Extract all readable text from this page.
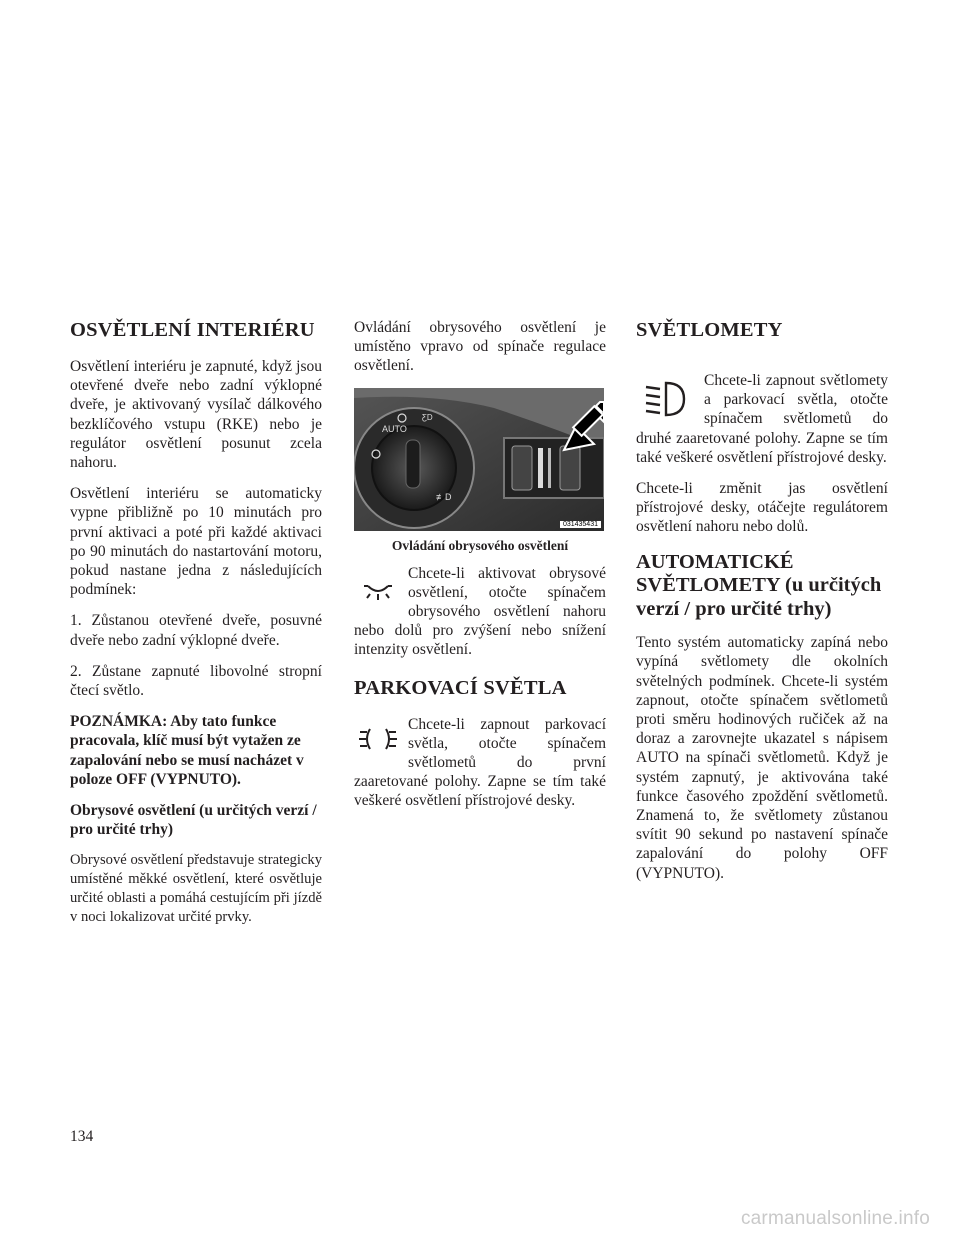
OSVĚTLENÍ INTERIÉRU

Osvětlení interiéru je zapnuté, když jsou otevřené dveře nebo zadní výklopné dveře, je aktivovaný vysílač dálkového bezklíčového vstupu (RKE) nebo je regulátor osvětlení posunut zcela nahoru.

Osvětlení interiéru se automaticky vypne přibližně po 10 minutách pro první aktivaci a poté při každé aktivaci po 90 minutách do nastartování motoru, pokud nastane jedna z následujících podmínek:

1. Zůstanou otevřené dveře, posuvné dveře nebo zadní výklopné dveře.

2. Zůstane zapnuté libovolné stropní čtecí světlo.

POZNÁMKA: Aby tato funkce pracovala, klíč musí být vytažen ze zapalování nebo se musí nacházet v poloze OFF (VYPNUTO).
Obrysové osvětlení (u určitých verzí / pro určité trhy)

Obrysové osvětlení představuje strategicky umístěné měkké osvětlení, které osvětluje určité oblasti a pomáhá cestujícím při jízdě v noci lokalizovat určité prvky.

Ovládání obrysového osvětlení je umístěno vpravo od spínače regulace osvětlení.

AUTO
ƸD
≢D
031435431
Ovládání obrysového osvětlení

Chcete-li aktivovat obrysové osvětlení, otočte spínačem obrysového osvětlení nahoru nebo dolů pro zvýšení nebo snížení intenzity osvětlení.

PARKOVACÍ SVĚTLA

Chcete-li zapnout parkovací světla, otočte spínačem světlometů do první zaaretované polohy. Zapne se tím také veškeré osvětlení přístrojové desky.

SVĚTLOMETY

Chcete-li zapnout světlomety a parkovací světla, otočte spínačem světlometů do druhé zaaretované polohy. Zapne se tím také veškeré osvětlení přístrojové desky.

Chcete-li změnit jas osvětlení přístrojové desky, otáčejte regulátorem osvětlení nahoru nebo dolů.

AUTOMATICKÉ SVĚTLOMETY (u určitých verzí / pro určité trhy)

Tento systém automaticky zapíná nebo vypíná světlomety dle okolních světelných podmínek. Chcete-li systém zapnout, otočte spínačem světlometů proti směru hodinových ručiček až na doraz a zarovnejte ukazatel s nápisem AUTO na spínači světlometů. Když je systém zapnutý, je aktivována také funkce časového zpoždění světlometů. Znamená to, že světlomety zůstanou svítit 90 sekund po nastavení spínače zapalování do polohy OFF (VYPNUTO).

134
carmanualsonline.info
